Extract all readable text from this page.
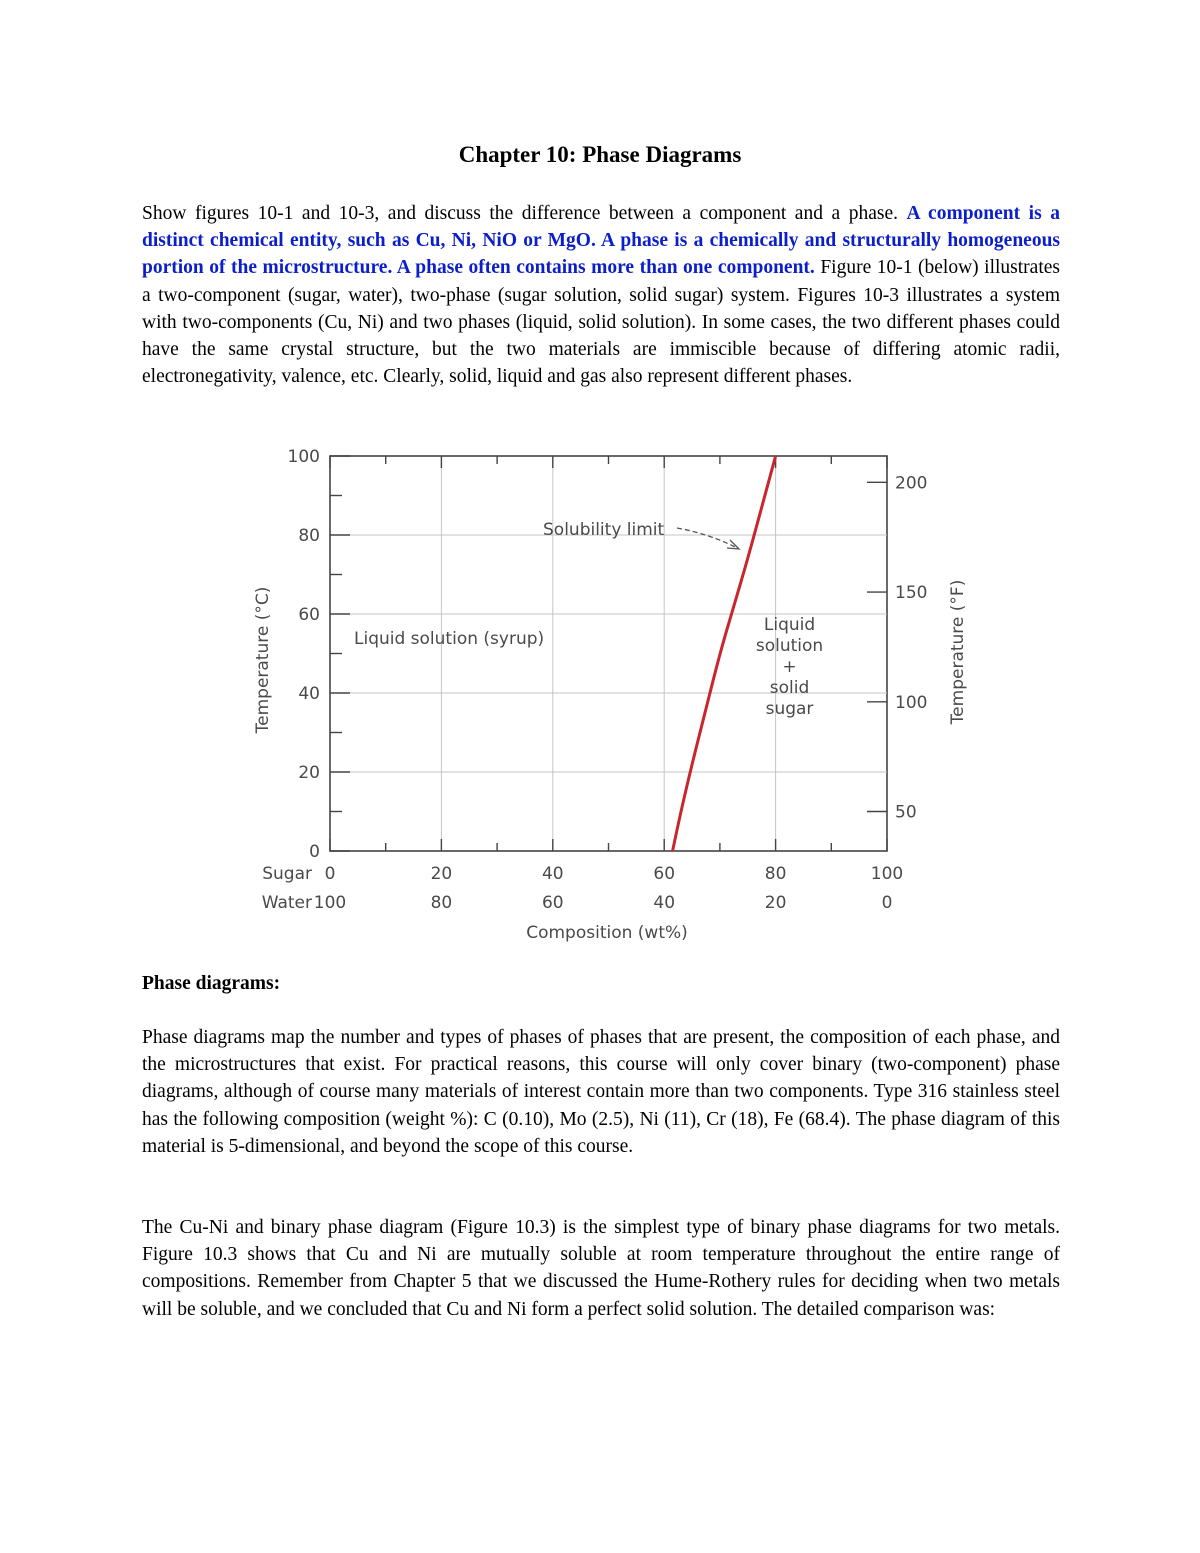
Chapter 10: Phase Diagrams

Show figures 10-1 and 10-3, and discuss the difference between a component and a phase. A component is a distinct chemical entity, such as Cu, Ni, NiO or MgO. A phase is a chemically and structurally homogeneous portion of the microstructure. A phase often contains more than one component. Figure 10-1 (below) illustrates a two-component (sugar, water), two-phase (sugar solution, solid sugar) system. Figures 10-3 illustrates a system with two-components (Cu, Ni) and two phases (liquid, solid solution). In some cases, the two different phases could have the same crystal structure, but the two materials are immiscible because of differing atomic radii, electronegativity, valence, etc. Clearly, solid, liquid and gas also represent different phases.

50
100
150
200
0
20
40
60
80
100
Sugar
Water
0	20	40	60	80	100
100	80	60	40	20	0
Temperature (°C)	Temperature (°F)
Composition (wt%)
Liquid solution (syrup)
Solubility limit
Liquid
solution
+
solid
sugar
Phase diagrams:

Phase diagrams map the number and types of phases of phases that are present, the composition of each phase, and the microstructures that exist. For practical reasons, this course will only cover binary (two-component) phase diagrams, although of course many materials of interest contain more than two components. Type 316 stainless steel has the following composition (weight %): C (0.10), Mo (2.5), Ni (11), Cr (18), Fe (68.4). The phase diagram of this material is 5-dimensional, and beyond the scope of this course.

The Cu-Ni and binary phase diagram (Figure 10.3) is the simplest type of binary phase diagrams for two metals. Figure 10.3 shows that Cu and Ni are mutually soluble at room temperature throughout the entire range of compositions. Remember from Chapter 5 that we discussed the Hume-Rothery rules for deciding when two metals will be soluble, and we concluded that Cu and Ni form a perfect solid solution. The detailed comparison was:
